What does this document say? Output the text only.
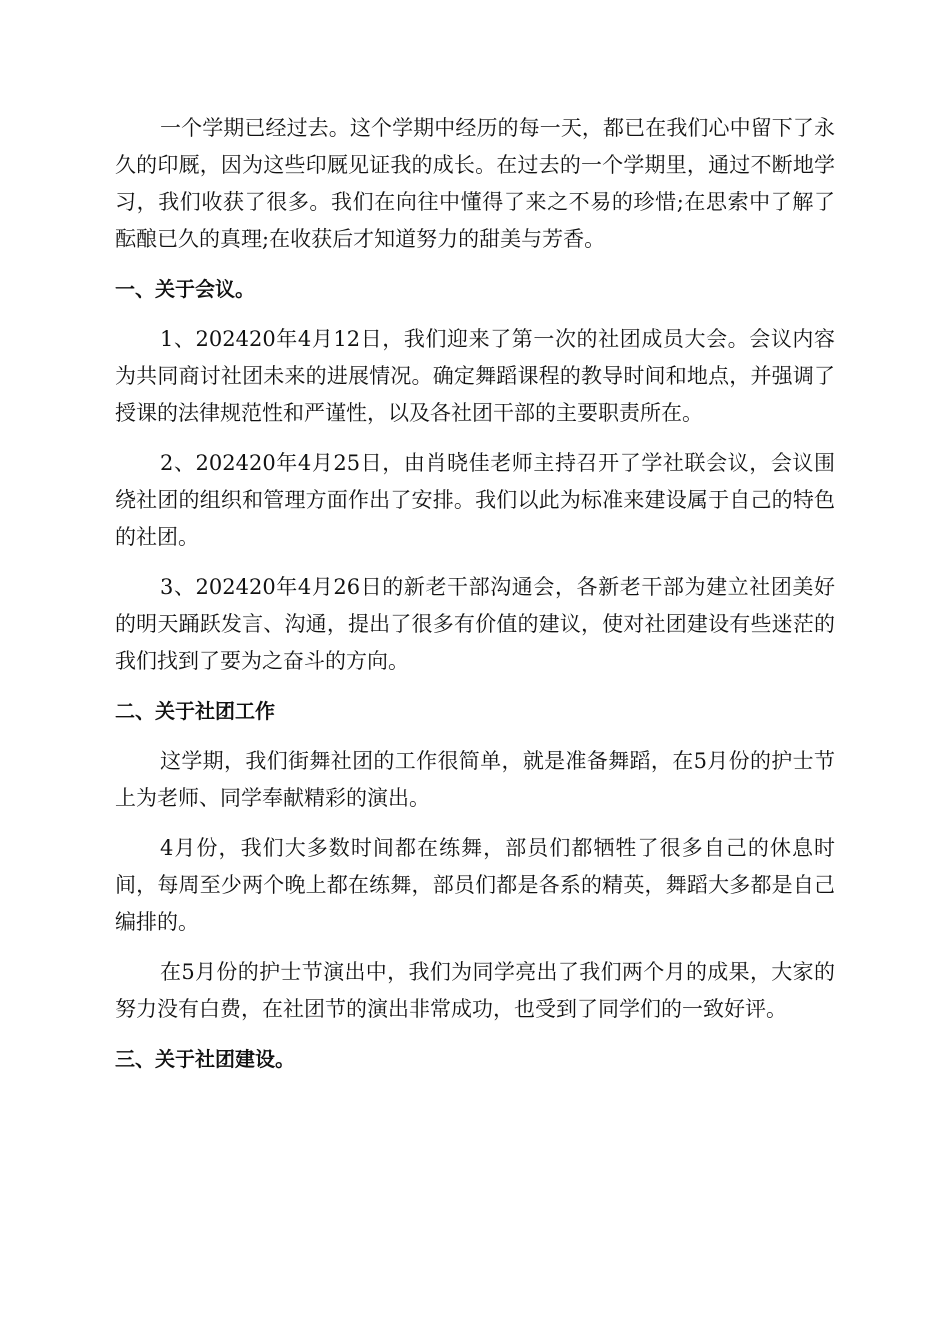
一个学期已经过去。这个学期中经历的每一天，都已在我们心中留下了永久的印厩，因为这些印厩见证我的成长。在过去的一个学期里，通过不断地学习，我们收获了很多。我们在向往中懂得了来之不易的珍惜;在思索中了解了酝酿已久的真理;在收获后才知道努力的甜美与芳香。

一、关于会议。

1、202420年4月12日，我们迎来了第一次的社团成员大会。会议内容为共同商讨社团未来的进展情况。确定舞蹈课程的教导时间和地点，并强调了授课的法律规范性和严谨性，以及各社团干部的主要职责所在。

2、202420年4月25日，由肖晓佳老师主持召开了学社联会议，会议围绕社团的组织和管理方面作出了安排。我们以此为标准来建设属于自己的特色的社团。

3、202420年4月26日的新老干部沟通会，各新老干部为建立社团美好的明天踊跃发言、沟通，提出了很多有价值的建议，使对社团建设有些迷茫的我们找到了要为之奋斗的方向。

二、关于社团工作

这学期，我们街舞社团的工作很简单，就是准备舞蹈，在5月份的护士节上为老师、同学奉献精彩的演出。

4月份，我们大多数时间都在练舞，部员们都牺牲了很多自己的休息时间，每周至少两个晚上都在练舞，部员们都是各系的精英，舞蹈大多都是自己编排的。

在5月份的护士节演出中，我们为同学亮出了我们两个月的成果，大家的努力没有白费，在社团节的演出非常成功，也受到了同学们的一致好评。

三、关于社团建设。
